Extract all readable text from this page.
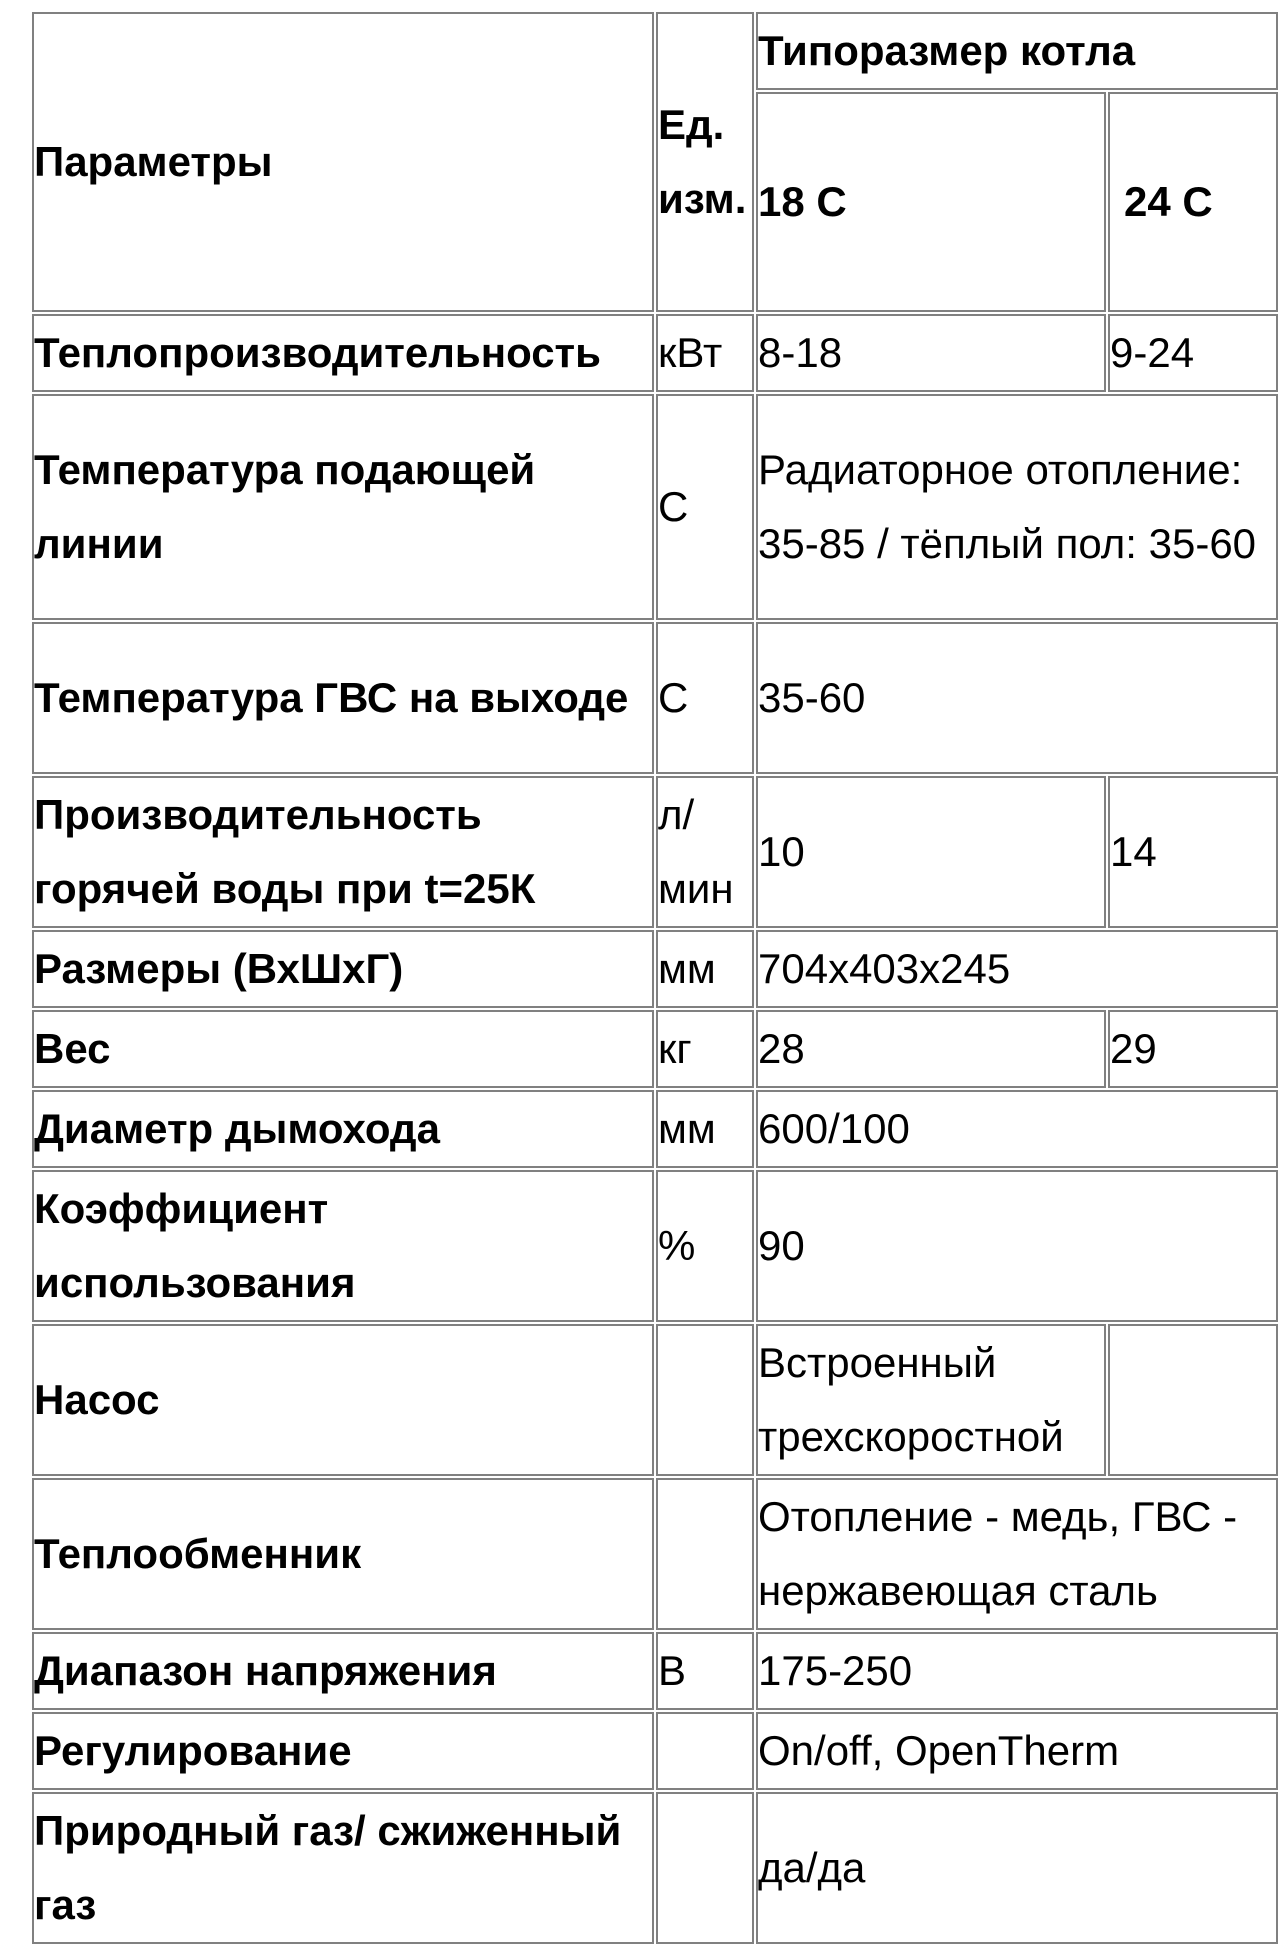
Параметры	Ед. изм.	Типоразмер котла	
		18 С	24 С
Теплопроизводительность	кВт	8-18	9-24
Температура подающей линии	С	Радиаторное отопление: 35-85 / тёплый пол: 35-60	
Температура ГВС на выходе	С	35-60	
Производительность горячей воды при t=25К	л/мин	10	14
Размеры (ВхШхГ)	мм	704x403x245	
Вес	кг	28	29
Диаметр дымохода	мм	600/100	
Коэффициент использования	%	90	
Насос		Встроенный трехскоростной	
Теплообменник		Отопление - медь, ГВС - нержавеющая сталь	
Диапазон напряжения	В	175-250	
Регулирование		On/off, OpenTherm	
Природный газ/ сжиженный газ		да/да	
